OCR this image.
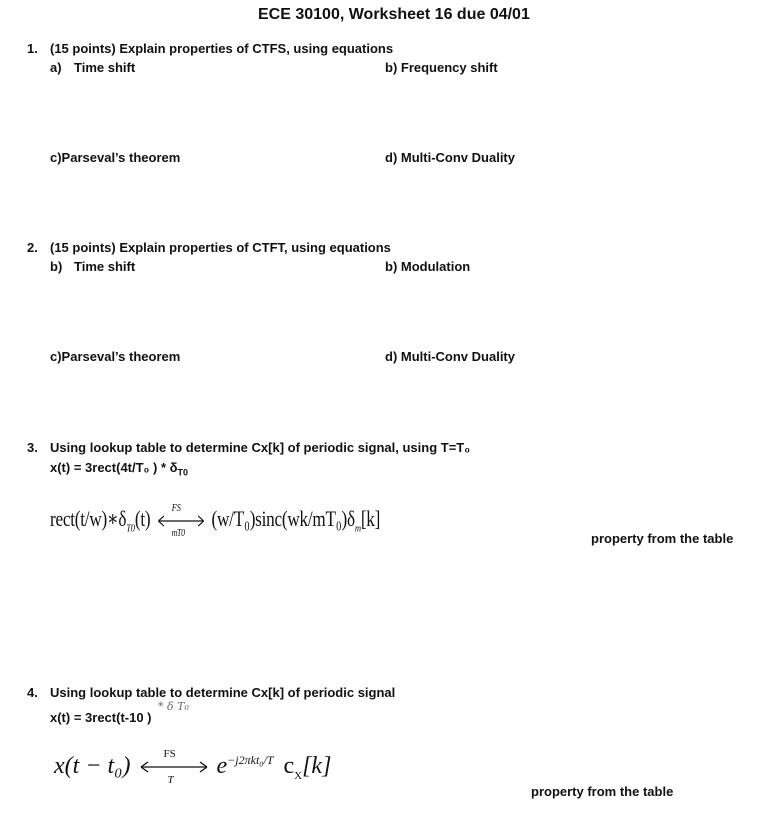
ECE 30100, Worksheet 16 due 04/01
1. (15 points) Explain properties of CTFS, using equations
a) Time shift	b) Frequency shift
c)Parseval’s theorem	d) Multi-Conv Duality
2. (15 points) Explain properties of CTFT, using equations
b) Time shift	b) Modulation
c)Parseval’s theorem	d) Multi-Conv Duality
3. Using lookup table to determine Cx[k] of periodic signal, using T=T₀
x(t) = 3rect(4t/T₀ ) * $\delta_{T0}$
$rect(t/w)∗\delta_{T0}(t)$ FS
mT0
$(w/T_0)\sin c(wk/mT_0)\delta_m[k]$
property from the table
4. Using lookup table to determine Cx[k] of periodic signal
x(t) = 3rect(t-10 )
* δ T₀
x(t − t₀)	FS
T
$e^{-j2\pi kt_0/T}$ $c_X[k]$
property from the table
